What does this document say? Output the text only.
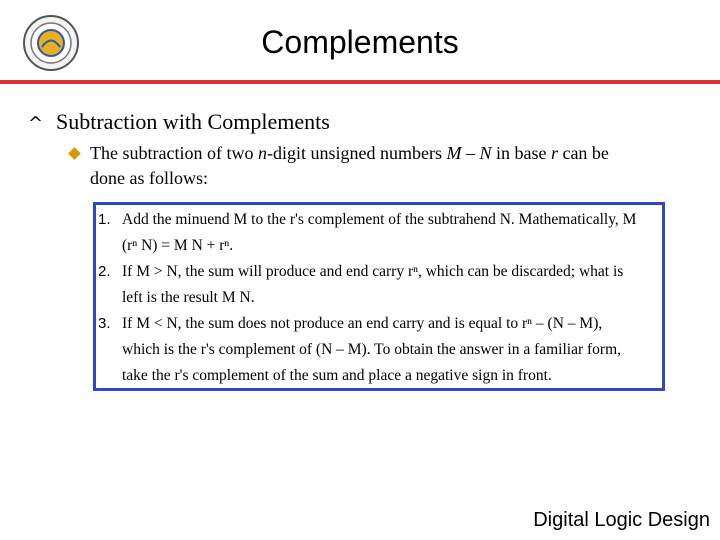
Complements
^ Subtraction with Complements
The subtraction of two n-digit unsigned numbers M – N in base r can be
done as follows:
1. Add the minuend M to the r's complement of the subtrahend N. Mathematically, M
(rⁿ N) = M N + rⁿ.
2. If M > N, the sum will produce and end carry rⁿ, which can be discarded; what is
left is the result M N.
3. If M < N, the sum does not produce an end carry and is equal to rⁿ – (N – M),
which is the r's complement of (N – M). To obtain the answer in a familiar form,
take the r's complement of the sum and place a negative sign in front.
Digital Logic Design
